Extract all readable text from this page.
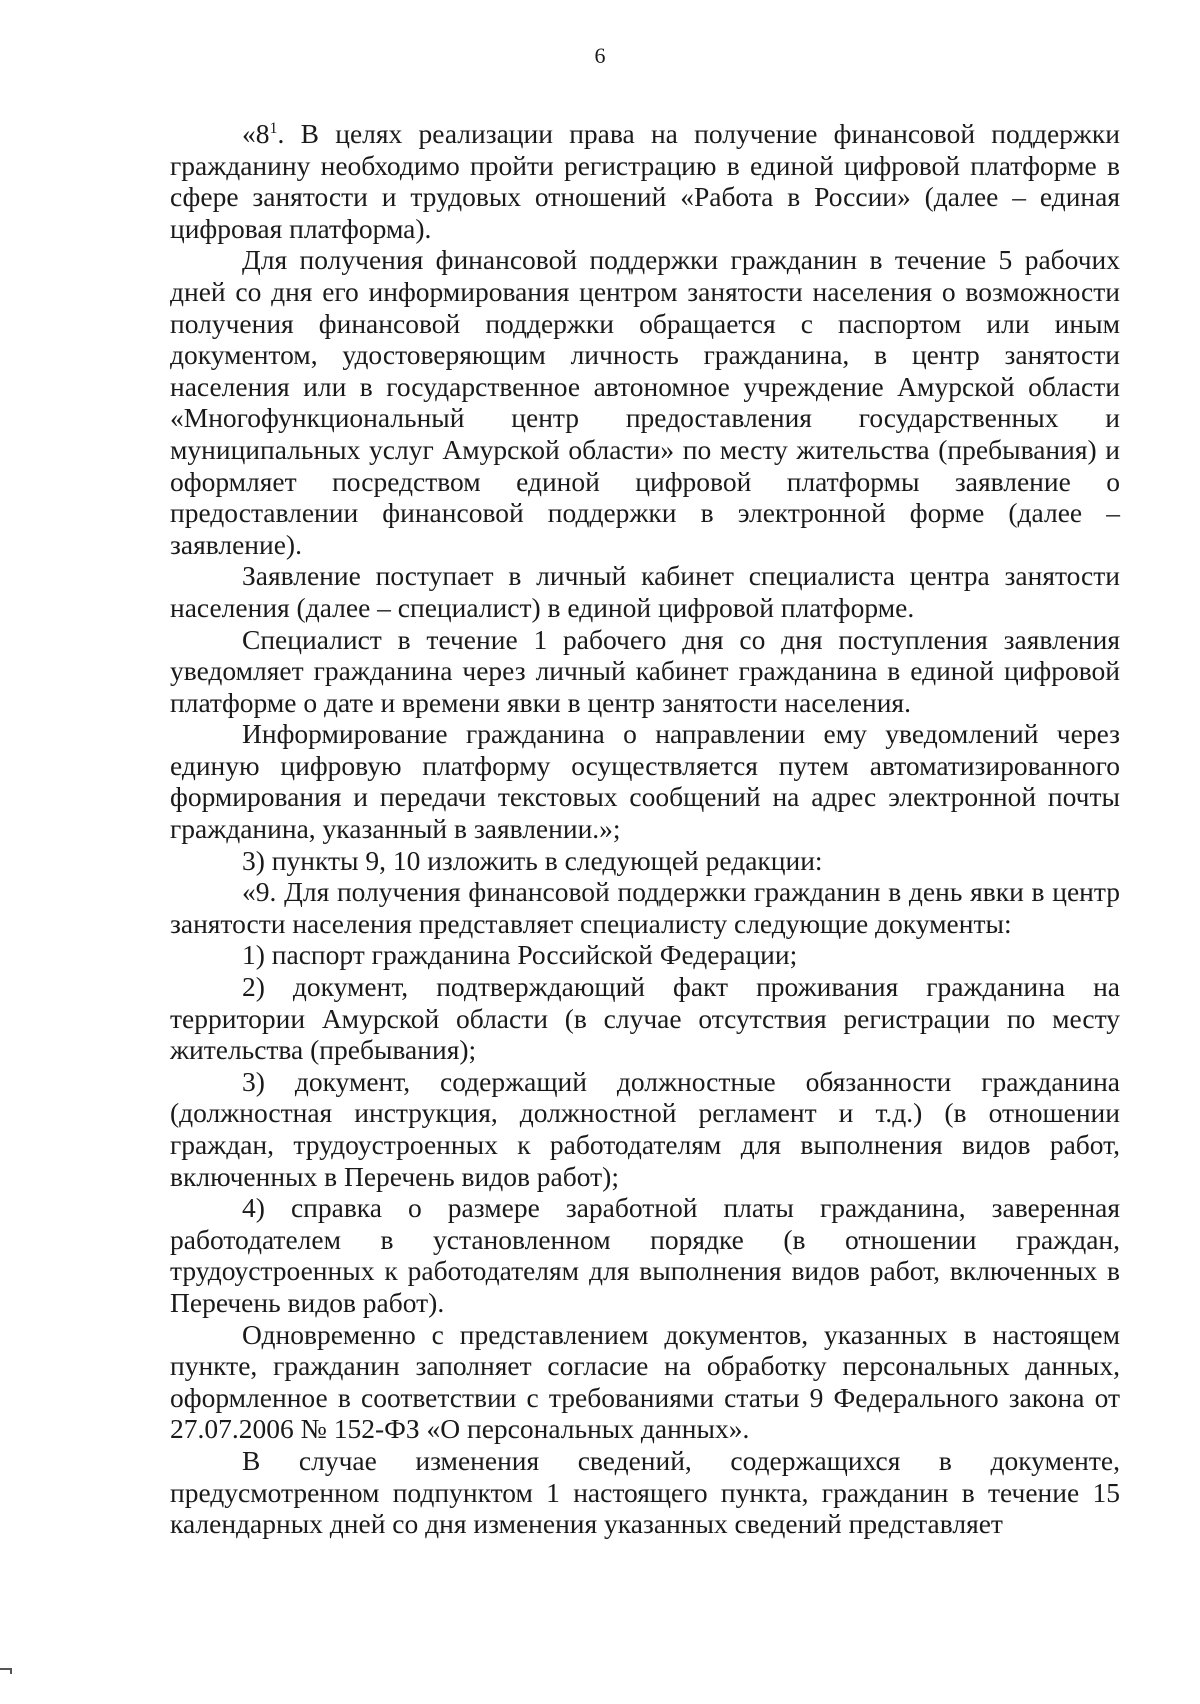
6

«$8^1$. В целях реализации права на получение финансовой поддержки гражданину необходимо пройти регистрацию в единой цифровой платформе в сфере занятости и трудовых отношений «Работа в России» (далее – единая цифровая платформа).

Для получения финансовой поддержки гражданин в течение 5 рабочих дней со дня его информирования центром занятости населения о возможности получения финансовой поддержки обращается с паспортом или иным документом, удостоверяющим личность гражданина, в центр занятости населения или в государственное автономное учреждение Амурской области «Многофункциональный центр предоставления государственных и муниципальных услуг Амурской области» по месту жительства (пребывания) и оформляет посредством единой цифровой платформы заявление о предоставлении финансовой поддержки в электронной форме (далее – заявление).

Заявление поступает в личный кабинет специалиста центра занятости населения (далее – специалист) в единой цифровой платформе.

Специалист в течение 1 рабочего дня со дня поступления заявления уведомляет гражданина через личный кабинет гражданина в единой цифровой платформе о дате и времени явки в центр занятости населения.

Информирование гражданина о направлении ему уведомлений через единую цифровую платформу осуществляется путем автоматизированного формирования и передачи текстовых сообщений на адрес электронной почты гражданина, указанный в заявлении.»;

3) пункты 9, 10 изложить в следующей редакции:

«9. Для получения финансовой поддержки гражданин в день явки в центр занятости населения представляет специалисту следующие документы:

1) паспорт гражданина Российской Федерации;

2) документ, подтверждающий факт проживания гражданина на территории Амурской области (в случае отсутствия регистрации по месту жительства (пребывания);

3) документ, содержащий должностные обязанности гражданина (должностная инструкция, должностной регламент и т.д.) (в отношении граждан, трудоустроенных к работодателям для выполнения видов работ, включенных в Перечень видов работ);

4) справка о размере заработной платы гражданина, заверенная работодателем в установленном порядке (в отношении граждан, трудоустроенных к работодателям для выполнения видов работ, включенных в Перечень видов работ).

Одновременно с представлением документов, указанных в настоящем пункте, гражданин заполняет согласие на обработку персональных данных, оформленное в соответствии с требованиями статьи 9 Федерального закона от 27.07.2006 № 152-ФЗ «О персональных данных».

В случае изменения сведений, содержащихся в документе, предусмотренном подпунктом 1 настоящего пункта, гражданин в течение 15 календарных дней со дня изменения указанных сведений представляет
